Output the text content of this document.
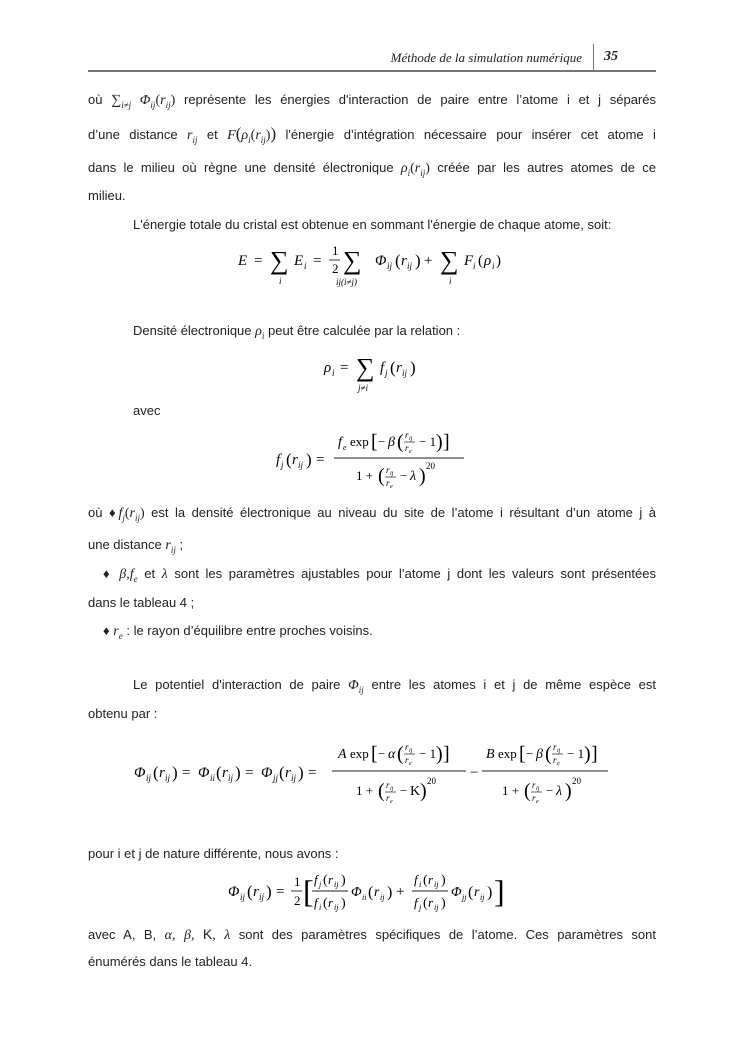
Méthode de la simulation numérique 35
où $\sum_{i\ne j}$ $\Phi_{ij}(r_{ij})$ représente les énergies d'interaction de paire entre l’atome i et j séparés
d’une distance $r_{ij}$ et $F(\rho_i(r_{ij}))$ l'énergie d’intégration nécessaire pour insérer cet atome i
dans le milieu où règne une densité électronique $\rho_i(r_{ij})$ créée par les autres atomes de ce
milieu.
L'énergie totale du cristal est obtenue en sommant l'énergie de chaque atome, soit:
E = ∑
i
E i =
1
2 ∑
ij(i≠j)
Φ ij ( r ij ) + ∑
i
F i ( ρ i )
Densité électronique $\rho_i$ peut être calculée par la relation :
ρ i = ∑
j≠i
f j ( r ij )
avec
f j ( r ij ) =
f e exp [ − β ( r ij
r e
− 1 ) ]
1 + ( r ij
r e
− λ ) 20
où $♦f_j(r_{ij})$ est la densité électronique au niveau du site de l’atome i résultant d’un atome j à
une distance $r_{ij}$ ;
♦ $\beta,f_e$ et λ sont les paramètres ajustables pour l’atome j dont les valeurs sont présentées
dans le tableau 4 ;
♦ $r_e$ : le rayon d’équilibre entre proches voisins.
Le potentiel d'interaction de paire $\Phi_{ij}$ entre les atomes i et j de même espèce est
obtenu par :
Φ ij ( r ij ) = Φ ii ( r ij ) = Φ jj ( r ij ) =
A exp [ − α ( r ij
r e
− 1 ) ]
1 + ( r ij
r e
− K ) 20 −
B exp [ − β ( r ij
r e
− 1 ) ]
1 + ( r ij
r e
− λ ) 20
pour i et j de nature différente, nous avons :
Φ ij ( r ij ) =
1
2 [ f j ( r ij )
f i ( r ij )
Φ ii ( r ij ) +
f i ( r ij )
f j ( r ij )
Φ jj ( r ij ) ]
avec A, B, α, β, K, λ sont des paramètres spécifiques de l’atome. Ces paramètres sont
énumérés dans le tableau 4.
